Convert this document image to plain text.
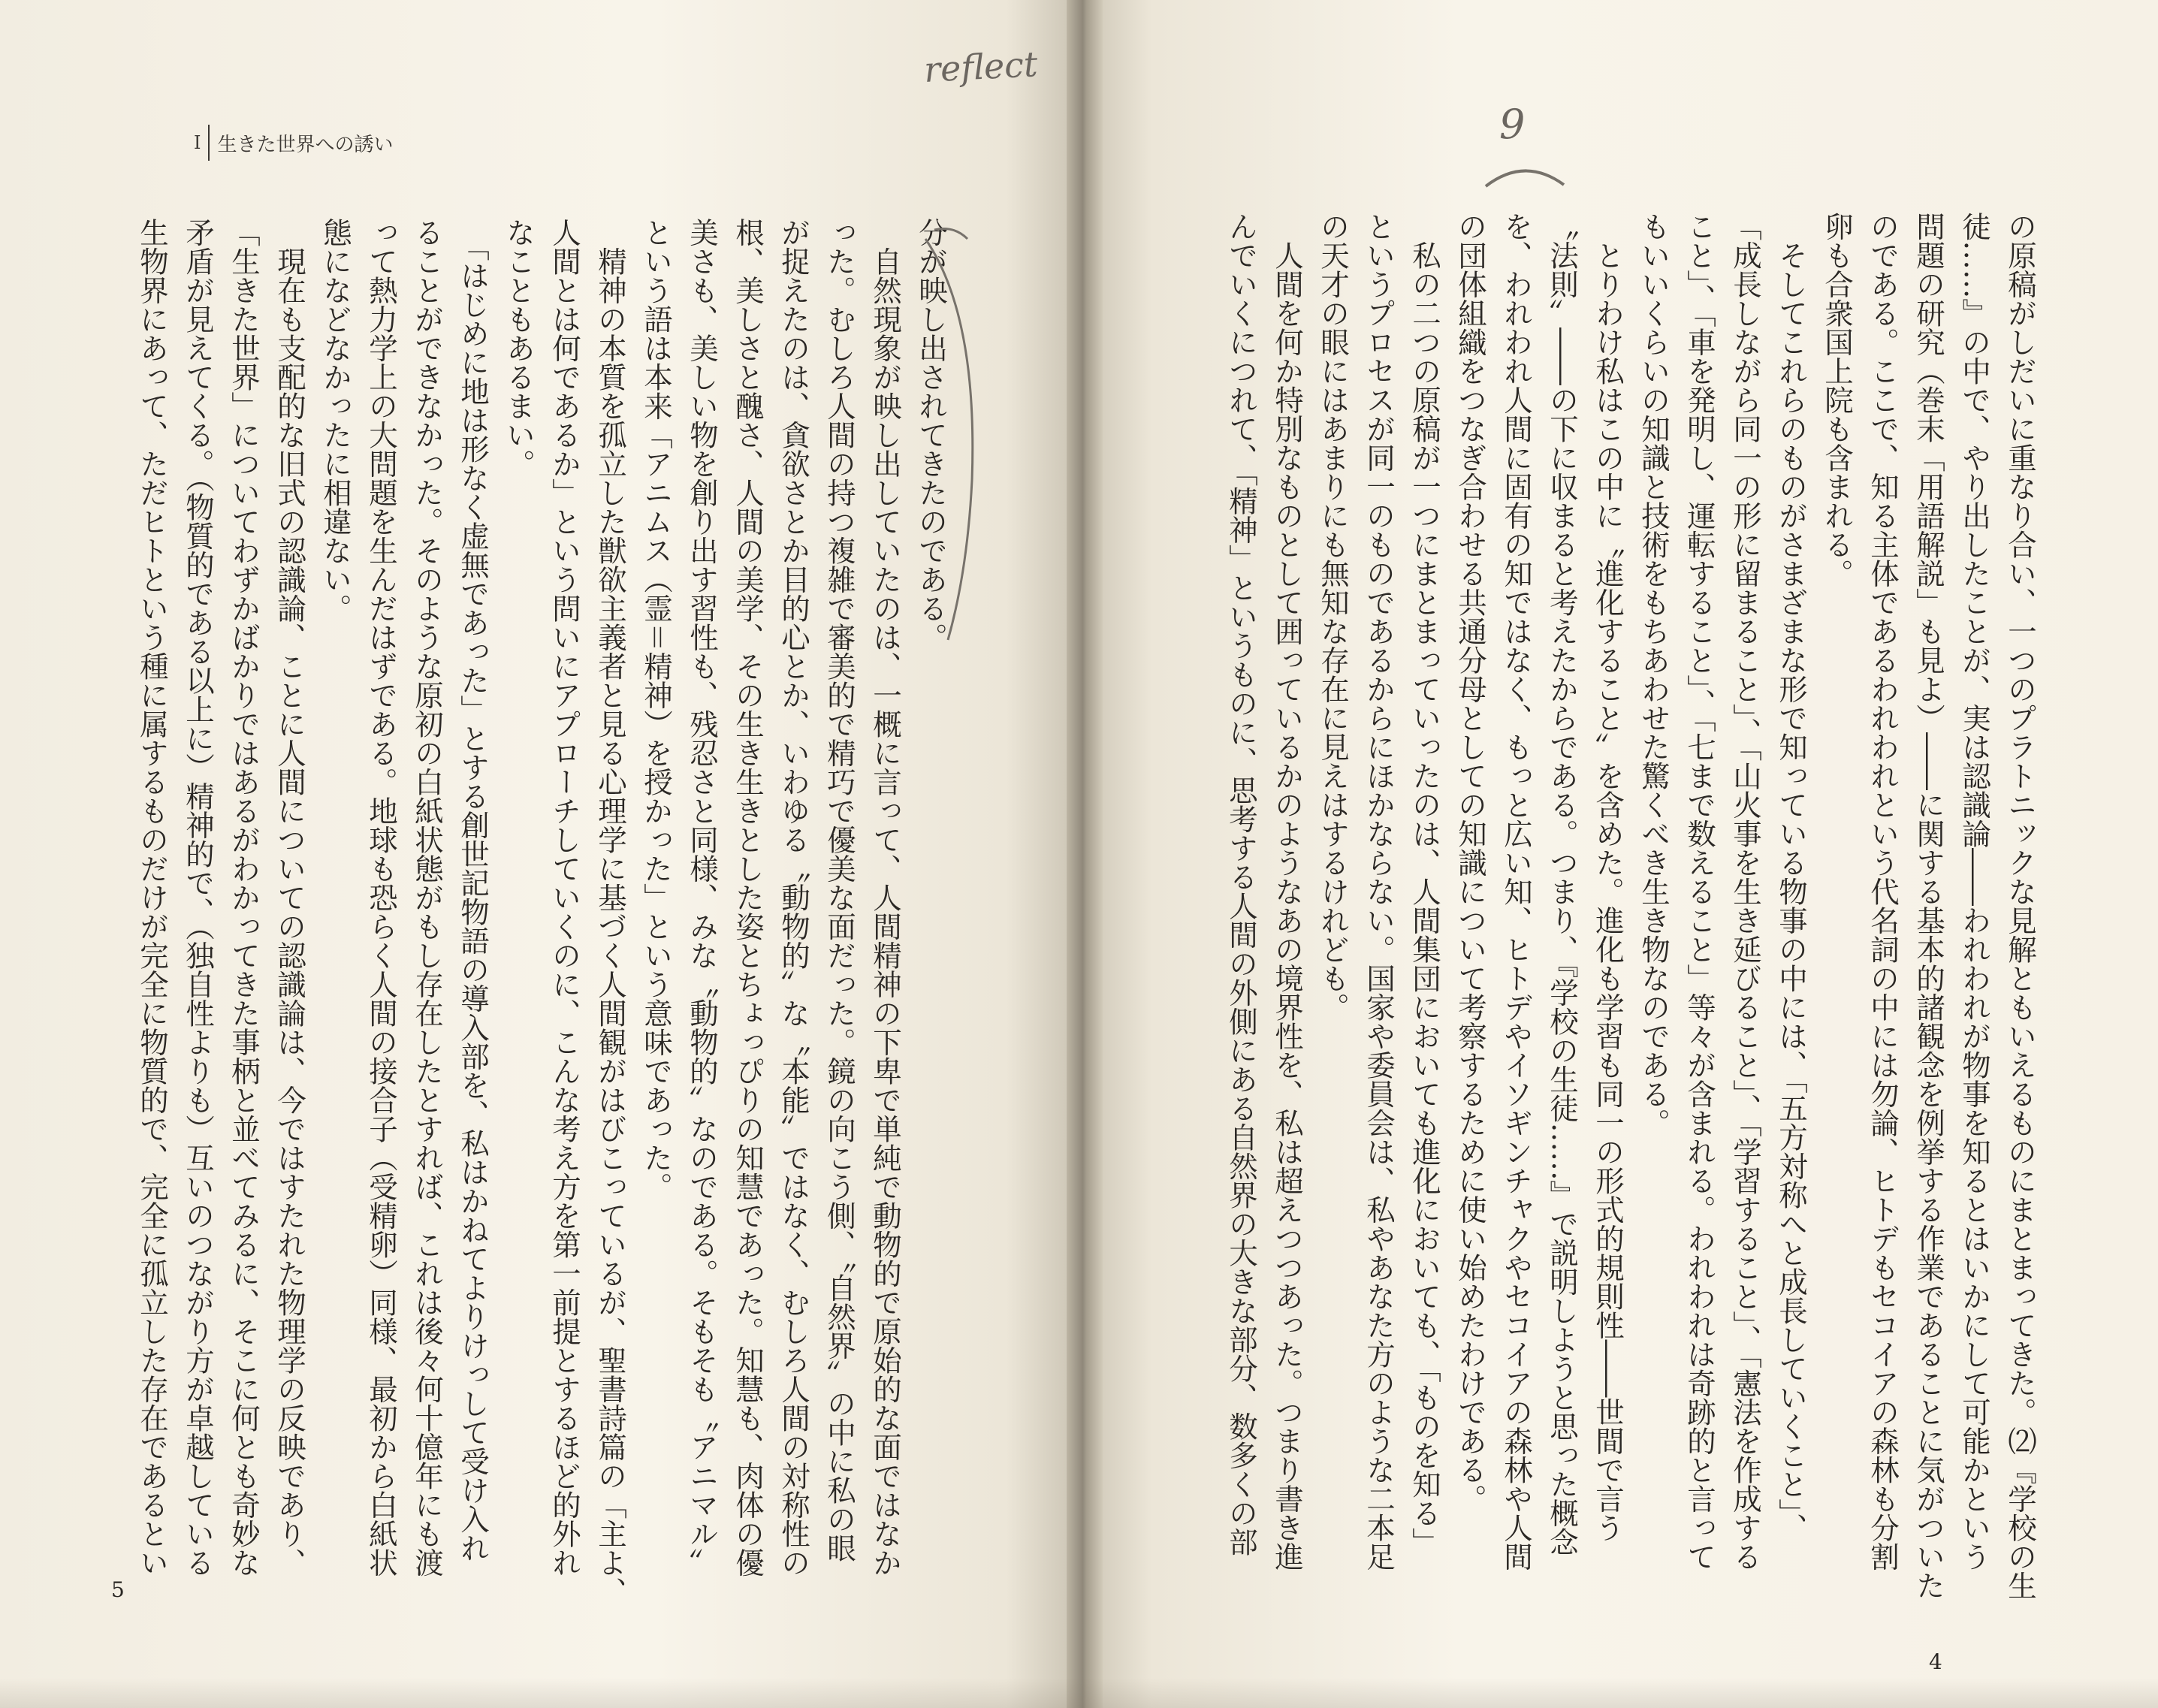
I 生きた世界への誘い
分が映し出されてきたのである。
　自然現象が映し出していたのは、一概に言って、人間精神の下卑で単純で動物的で原始的な面ではなか
った。むしろ人間の持つ複雑で審美的で精巧で優美な面だった。鏡の向こう側、〝自然界〟の中に私の眼
が捉えたのは、貪欲さとか目的心とか、いわゆる〝動物的〟な〝本能〟ではなく、むしろ人間の対称性の
根、美しさと醜さ、人間の美学、その生き生きとした姿とちょっぴりの知慧であった。知慧も、肉体の優
美さも、美しい物を創り出す習性も、残忍さと同様、みな〝動物的〟なのである。そもそも〝アニマル〟
という語は本来「アニムス（霊＝精神）を授かった」という意味であった。
　精神の本質を孤立した獣欲主義者と見る心理学に基づく人間観がはびこっているが、聖書詩篇の「主よ、
人間とは何であるか」という問いにアプローチしていくのに、こんな考え方を第一前提とするほど的外れ
なこともあるまい。
　「はじめに地は形なく虚無であった」とする創世記物語の導入部を、私はかねてよりけっして受け入れ
ることができなかった。そのような原初の白紙状態がもし存在したとすれば、これは後々何十億年にも渡
って熱力学上の大問題を生んだはずである。地球も恐らく人間の接合子（受精卵）同様、最初から白紙状
態になどなかったに相違ない。
　現在も支配的な旧式の認識論、ことに人間についての認識論は、今ではすたれた物理学の反映であり、
「生きた世界」についてわずかばかりではあるがわかってきた事柄と並べてみるに、そこに何とも奇妙な
矛盾が見えてくる。（物質的である以上に）精神的で、（独自性よりも）互いのつながり方が卓越している
生物界にあって、ただヒトという種に属するものだけが完全に物質的で、完全に孤立した存在であるとい
5	の原稿がしだいに重なり合い、一つのプラトニックな見解ともいえるものにまとまってきた。⑵『学校の生
徒……』の中で、やり出したことが、実は認識論――われわれが物事を知るとはいかにして可能かという
問題の研究（巻末「用語解説」も見よ）――に関する基本的諸観念を例挙する作業であることに気がついた
のである。ここで、知る主体であるわれわれという代名詞の中には勿論、ヒトデもセコイアの森林も分割
卵も合衆国上院も含まれる。
　そしてこれらのものがさまざまな形で知っている物事の中には、「五方対称へと成長していくこと」、
「成長しながら同一の形に留まること」、「山火事を生き延びること」、「学習すること」、「憲法を作成する
こと」、「車を発明し、運転すること」、「七まで数えること」等々が含まれる。われわれは奇跡的と言って
もいいくらいの知識と技術をもちあわせた驚くべき生き物なのである。
　とりわけ私はこの中に〝進化すること〟を含めた。進化も学習も同一の形式的規則性――世間で言う
〝法則〟――の下に収まると考えたからである。つまり、『学校の生徒……』で説明しようと思った概念
を、われわれ人間に固有の知ではなく、もっと広い知、ヒトデやイソギンチャクやセコイアの森林や人間
の団体組織をつなぎ合わせる共通分母としての知識について考察するために使い始めたわけである。
　私の二つの原稿が一つにまとまっていったのは、人間集団においても進化においても、「ものを知る」
というプロセスが同一のものであるからにほかならない。国家や委員会は、私やあなた方のような二本足
の天才の眼にはあまりにも無知な存在に見えはするけれども。
　人間を何か特別なものとして囲っているかのようなあの境界性を、私は超えつつあった。つまり書き進
んでいくにつれて、「精神」というものに、思考する人間の外側にある自然界の大きな部分、数多くの部
4
reflect
9
